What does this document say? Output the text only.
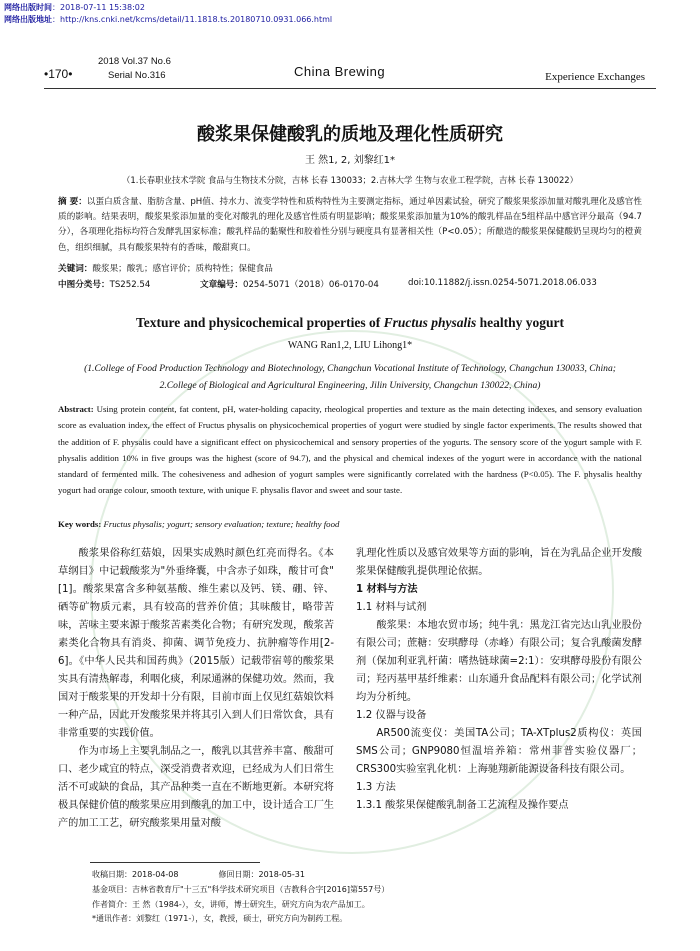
网络出版时间：2018-07-11 15:38:02
网络出版地址：http://kns.cnki.net/kcms/detail/11.1818.ts.20180710.0931.066.html
•170•
2018 Vol.37 No.6
Serial No.316	China Brewing	Experience Exchanges
酸浆果保健酸乳的质地及理化性质研究
王 然1, 2, 刘黎红1*
（1.长春职业技术学院 食品与生物技术分院，吉林 长春 130033；2.吉林大学 生物与农业工程学院，吉林 长春 130022）
摘 要：以蛋白质含量、脂肪含量、pH值、持水力、流变学特性和质构特性为主要测定指标，通过单因素试验，研究了酸浆果浆添加量对酸乳理化及感官性质的影响。结果表明，酸浆果浆添加量的变化对酸乳的理化及感官性质有明显影响；酸浆果浆添加量为10%的酸乳样品在5组样品中感官评分最高（94.7分），各项理化指标均符合发酵乳国家标准；酸乳样品的黏聚性和胶着性分别与硬度具有显著相关性（P<0.05）；所酿造的酸浆果保健酸奶呈现均匀的橙黄色，组织细腻，具有酸浆果特有的香味，酸甜爽口。
关键词：酸浆果；酸乳；感官评价；质构特性；保健食品
中图分类号：TS252.54	文章编号：0254-5071（2018）06-0170-04	doi:10.11882/j.issn.0254-5071.2018.06.033
Texture and physicochemical properties of Fructus physalis healthy yogurt
WANG Ran1,2, LIU Lihong1*
(1.College of Food Production Technology and Biotechnology, Changchun Vocational Institute of Technology, Changchun 130033, China;
2.College of Biological and Agricultural Engineering, Jilin University, Changchun 130022, China)
Abstract: Using protein content, fat content, pH, water-holding capacity, rheological properties and texture as the main detecting indexes, and sensory evaluation score as evaluation index, the effect of Fructus physalis on physicochemical properties of yogurt were studied by single factor experiments. The results showed that the addition of F. physalis could have a significant effect on physicochemical and sensory properties of the yogurts. The sensory score of the yogurt sample with F. physalis addition 10% in five groups was the highest (score of 94.7), and the physical and chemical indexes of the yogurt were in accordance with the national standard of fermented milk. The cohesiveness and adhesion of yogurt samples were significantly correlated with the hardness (P<0.05). The F. physalis healthy yogurt had orange colour, smooth texture, with unique F. physalis flavor and sweet and sour taste.
Key words: Fructus physalis; yogurt; sensory evaluation; texture; healthy food
酸浆果俗称红菇娘，因果实成熟时颜色红亮而得名。《本草纲目》中记载酸浆为"外垂绛囊，中含赤子如珠，酸甘可食"[1]。酸浆果富含多种氨基酸、维生素以及钙、镁、硼、锌、硒等矿物质元素，具有较高的营养价值；其味酸甘，略带苦味，苦味主要来源于酸浆苦素类化合物；有研究发现，酸浆苦素类化合物具有消炎、抑菌、调节免疫力、抗肿瘤等作用[2-6]。《中华人民共和国药典》（2015版）记载带宿萼的酸浆果实具有清热解毒，利咽化痰，利尿通淋的保健功效。然而，我国对于酸浆果的开发却十分有限，目前市面上仅见红菇娘饮料一种产品，因此开发酸浆果并将其引入到人们日常饮食，具有非常重要的实践价值。
作为市场上主要乳制品之一，酸乳以其营养丰富、酸甜可口、老少咸宜的特点，深受消费者欢迎，已经成为人们日常生活不可或缺的食品，其产品种类一直在不断地更新。本研究将极具保健价值的酸浆果应用到酸乳的加工中，设计适合工厂生产的加工工艺，研究酸浆果用量对酸
乳理化性质以及感官效果等方面的影响，旨在为乳品企业开发酸浆果保健酸乳提供理论依据。
1 材料与方法
1.1 材料与试剂
酸浆果：本地农贸市场；纯牛乳：黑龙江省完达山乳业股份有限公司；蔗糖：安琪酵母（赤峰）有限公司；复合乳酸菌发酵剂（保加利亚乳杆菌：嗜热链球菌=2:1）：安琪酵母股份有限公司；羟丙基甲基纤维素：山东通升食品配料有限公司；化学试剂均为分析纯。
1.2 仪器与设备
AR500流变仪：美国TA公司；TA-XTplus2质构仪：英国SMS公司；GNP9080恒温培养箱：常州菲普实验仪器厂；CRS300实验室乳化机：上海驰翔新能源设备科技有限公司。
1.3 方法
1.3.1 酸浆果保健酸乳制备工艺流程及操作要点
收稿日期：2018-04-08	修回日期：2018-05-31
基金项目：吉林省教育厅"十三五"科学技术研究项目（吉教科合字[2016]第557号）
作者简介：王 然（1984-），女，讲师，博士研究生，研究方向为农产品加工。
*通讯作者：刘黎红（1971-），女，教授，硕士，研究方向为制药工程。
